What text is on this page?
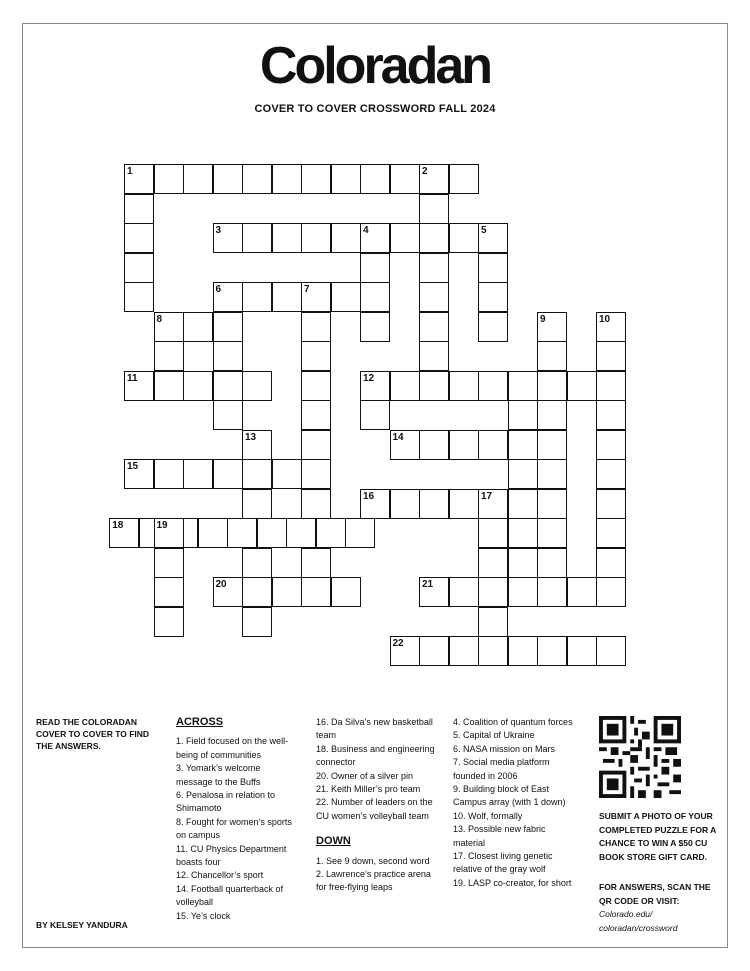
Coloradan
COVER TO COVER CROSSWORD FALL 2024
1	2
3	4	5
6	7
8	9	10
11	12
14
13
15
16	17
18	19
20	21
22
READ THE COLORADAN COVER TO COVER TO FIND THE ANSWERS.
BY KELSEY YANDURA

ACROSS

1. Field focused on the well-being of communities

3. Yomark’s welcome message to the Buffs

6. Penalosa in relation to Shimamoto

8. Fought for women’s sports on campus

11. CU Physics Department boasts four

12. Chancellor’s sport

14. Football quarterback of volleyball

15. Ye’s clock

16. Da Silva’s new basketball team

18. Business and engineering connector

20. Owner of a silver pin

21. Keith Miller’s pro team

22. Number of leaders on the CU women’s volleyball team

DOWN

1. See 9 down, second word

2. Lawrence’s practice arena for free-flying leaps

4. Coalition of quantum forces

5. Capital of Ukraine

6. NASA mission on Mars

7. Social media platform founded in 2006

9. Building block of East Campus array (with 1 down)

10. Wolf, formally

13. Possible new fabric material

17. Closest living genetic relative of the gray wolf

19. LASP co-creator, for short

SUBMIT A PHOTO OF YOUR COMPLETED PUZZLE FOR A CHANCE TO WIN A $50 CU BOOK STORE GIFT CARD.
FOR ANSWERS, SCAN THE QR CODE OR VISIT:
Colorado.edu/
coloradan/crossword
